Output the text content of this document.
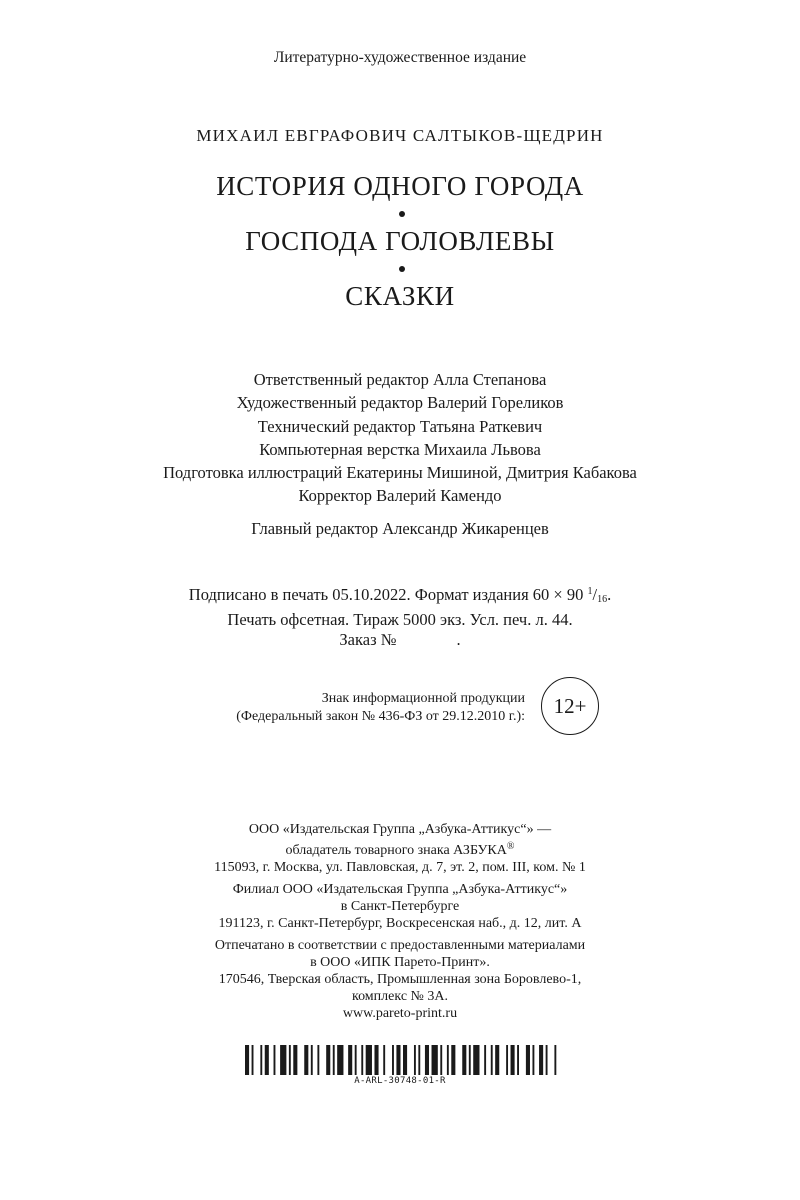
Литературно-художественное издание
МИХАИЛ ЕВГРАФОВИЧ САЛТЫКОВ-ЩЕДРИН
ИСТОРИЯ ОДНОГО ГОРОДА
ГОСПОДА ГОЛОВЛЕВЫ
СКАЗКИ
Ответственный редактор Алла Степанова
Художественный редактор Валерий Гореликов
Технический редактор Татьяна Раткевич
Компьютерная верстка Михаила Львова
Подготовка иллюстраций Екатерины Мишиной, Дмитрия Кабакова
Корректор Валерий Камендо
Главный редактор Александр Жикаренцев
Подписано в печать 05.10.2022. Формат издания 60 × 90 $^1/_{16}$.
Печать офсетная. Тираж 5000 экз. Усл. печ. л. 44.
Заказ №	.
Знак информационной продукции
(Федеральный закон № 436-ФЗ от 29.12.2010 г.): 12+
ООО «Издательская Группа „Азбука-Аттикус“» —
обладатель товарного знака АЗБУКА®
115093, г. Москва, ул. Павловская, д. 7, эт. 2, пом. III, ком. № 1
Филиал ООО «Издательская Группа „Азбука-Аттикус“»
в Санкт-Петербурге
191123, г. Санкт-Петербург, Воскресенская наб., д. 12, лит. А
Отпечатано в соответствии с предоставленными материалами
в ООО «ИПК Парето-Принт».
170546, Тверская область, Промышленная зона Боровлево-1,
комплекс № 3А.
www.pareto-print.ru
A-ARL-30748-01-R
